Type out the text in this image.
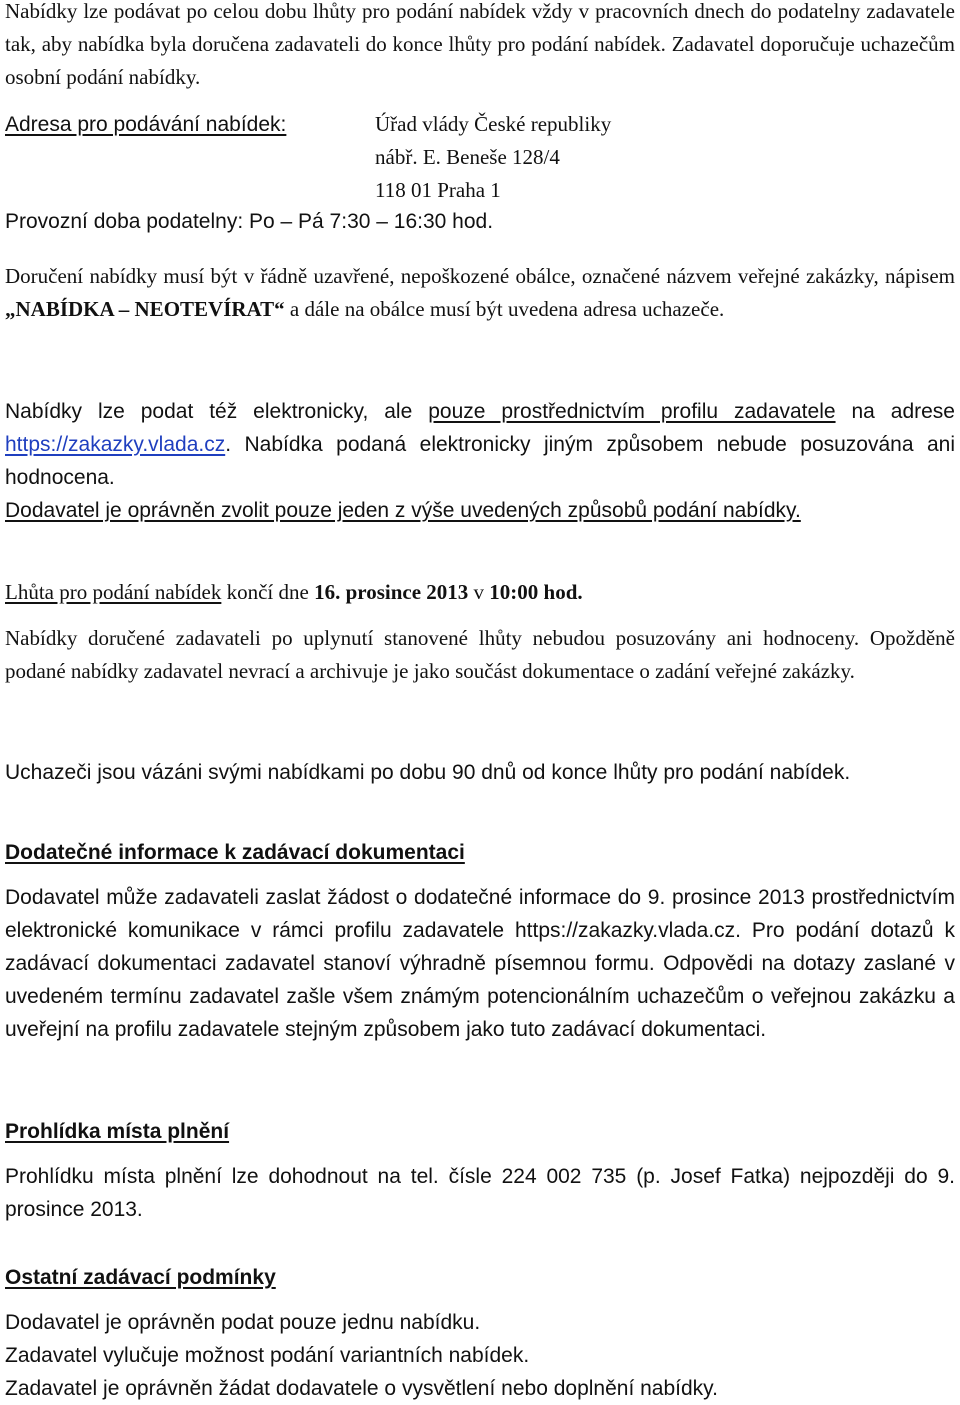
Nabídky lze podávat po celou dobu lhůty pro podání nabídek vždy v pracovních dnech do podatelny zadavatele tak, aby nabídka byla doručena zadavateli do konce lhůty pro podání nabídek. Zadavatel doporučuje uchazečům osobní podání nabídky.

Adresa pro podávání nabídek:	Úřad vlády České republiky
nábř. E. Beneše 128/4
118 01 Praha 1

Provozní doba podatelny: Po – Pá 7:30 – 16:30 hod.

Doručení nabídky musí být v řádně uzavřené, nepoškozené obálce, označené názvem veřejné zakázky, nápisem „NABÍDKA – NEOTEVÍRAT“ a dále na obálce musí být uvedena adresa uchazeče.

Nabídky lze podat též elektronicky, ale pouze prostřednictvím profilu zadavatele na adrese https://zakazky.vlada.cz. Nabídka podaná elektronicky jiným způsobem nebude posuzována ani hodnocena.

Dodavatel je oprávněn zvolit pouze jeden z výše uvedených způsobů podání nabídky.

Lhůta pro podání nabídek končí dne 16. prosince 2013 v 10:00 hod.

Nabídky doručené zadavateli po uplynutí stanovené lhůty nebudou posuzovány ani hodnoceny. Opožděně podané nabídky zadavatel nevrací a archivuje je jako součást dokumentace o zadání veřejné zakázky.

Uchazeči jsou vázáni svými nabídkami po dobu 90 dnů od konce lhůty pro podání nabídek.

Dodatečné informace k zadávací dokumentaci

Dodavatel může zadavateli zaslat žádost o dodatečné informace do 9. prosince 2013 prostřednictvím elektronické komunikace v rámci profilu zadavatele https://zakazky.vlada.cz. Pro podání dotazů k zadávací dokumentaci zadavatel stanoví výhradně písemnou formu. Odpovědi na dotazy zaslané v uvedeném termínu zadavatel zašle všem známým potencionálním uchazečům o veřejnou zakázku a uveřejní na profilu zadavatele stejným způsobem jako tuto zadávací dokumentaci.

Prohlídka místa plnění

Prohlídku místa plnění lze dohodnout na tel. čísle 224 002 735 (p. Josef Fatka) nejpozději do 9. prosince 2013.

Ostatní zadávací podmínky
Dodavatel je oprávněn podat pouze jednu nabídku.
Zadavatel vylučuje možnost podání variantních nabídek.
Zadavatel je oprávněn žádat dodavatele o vysvětlení nebo doplnění nabídky.
